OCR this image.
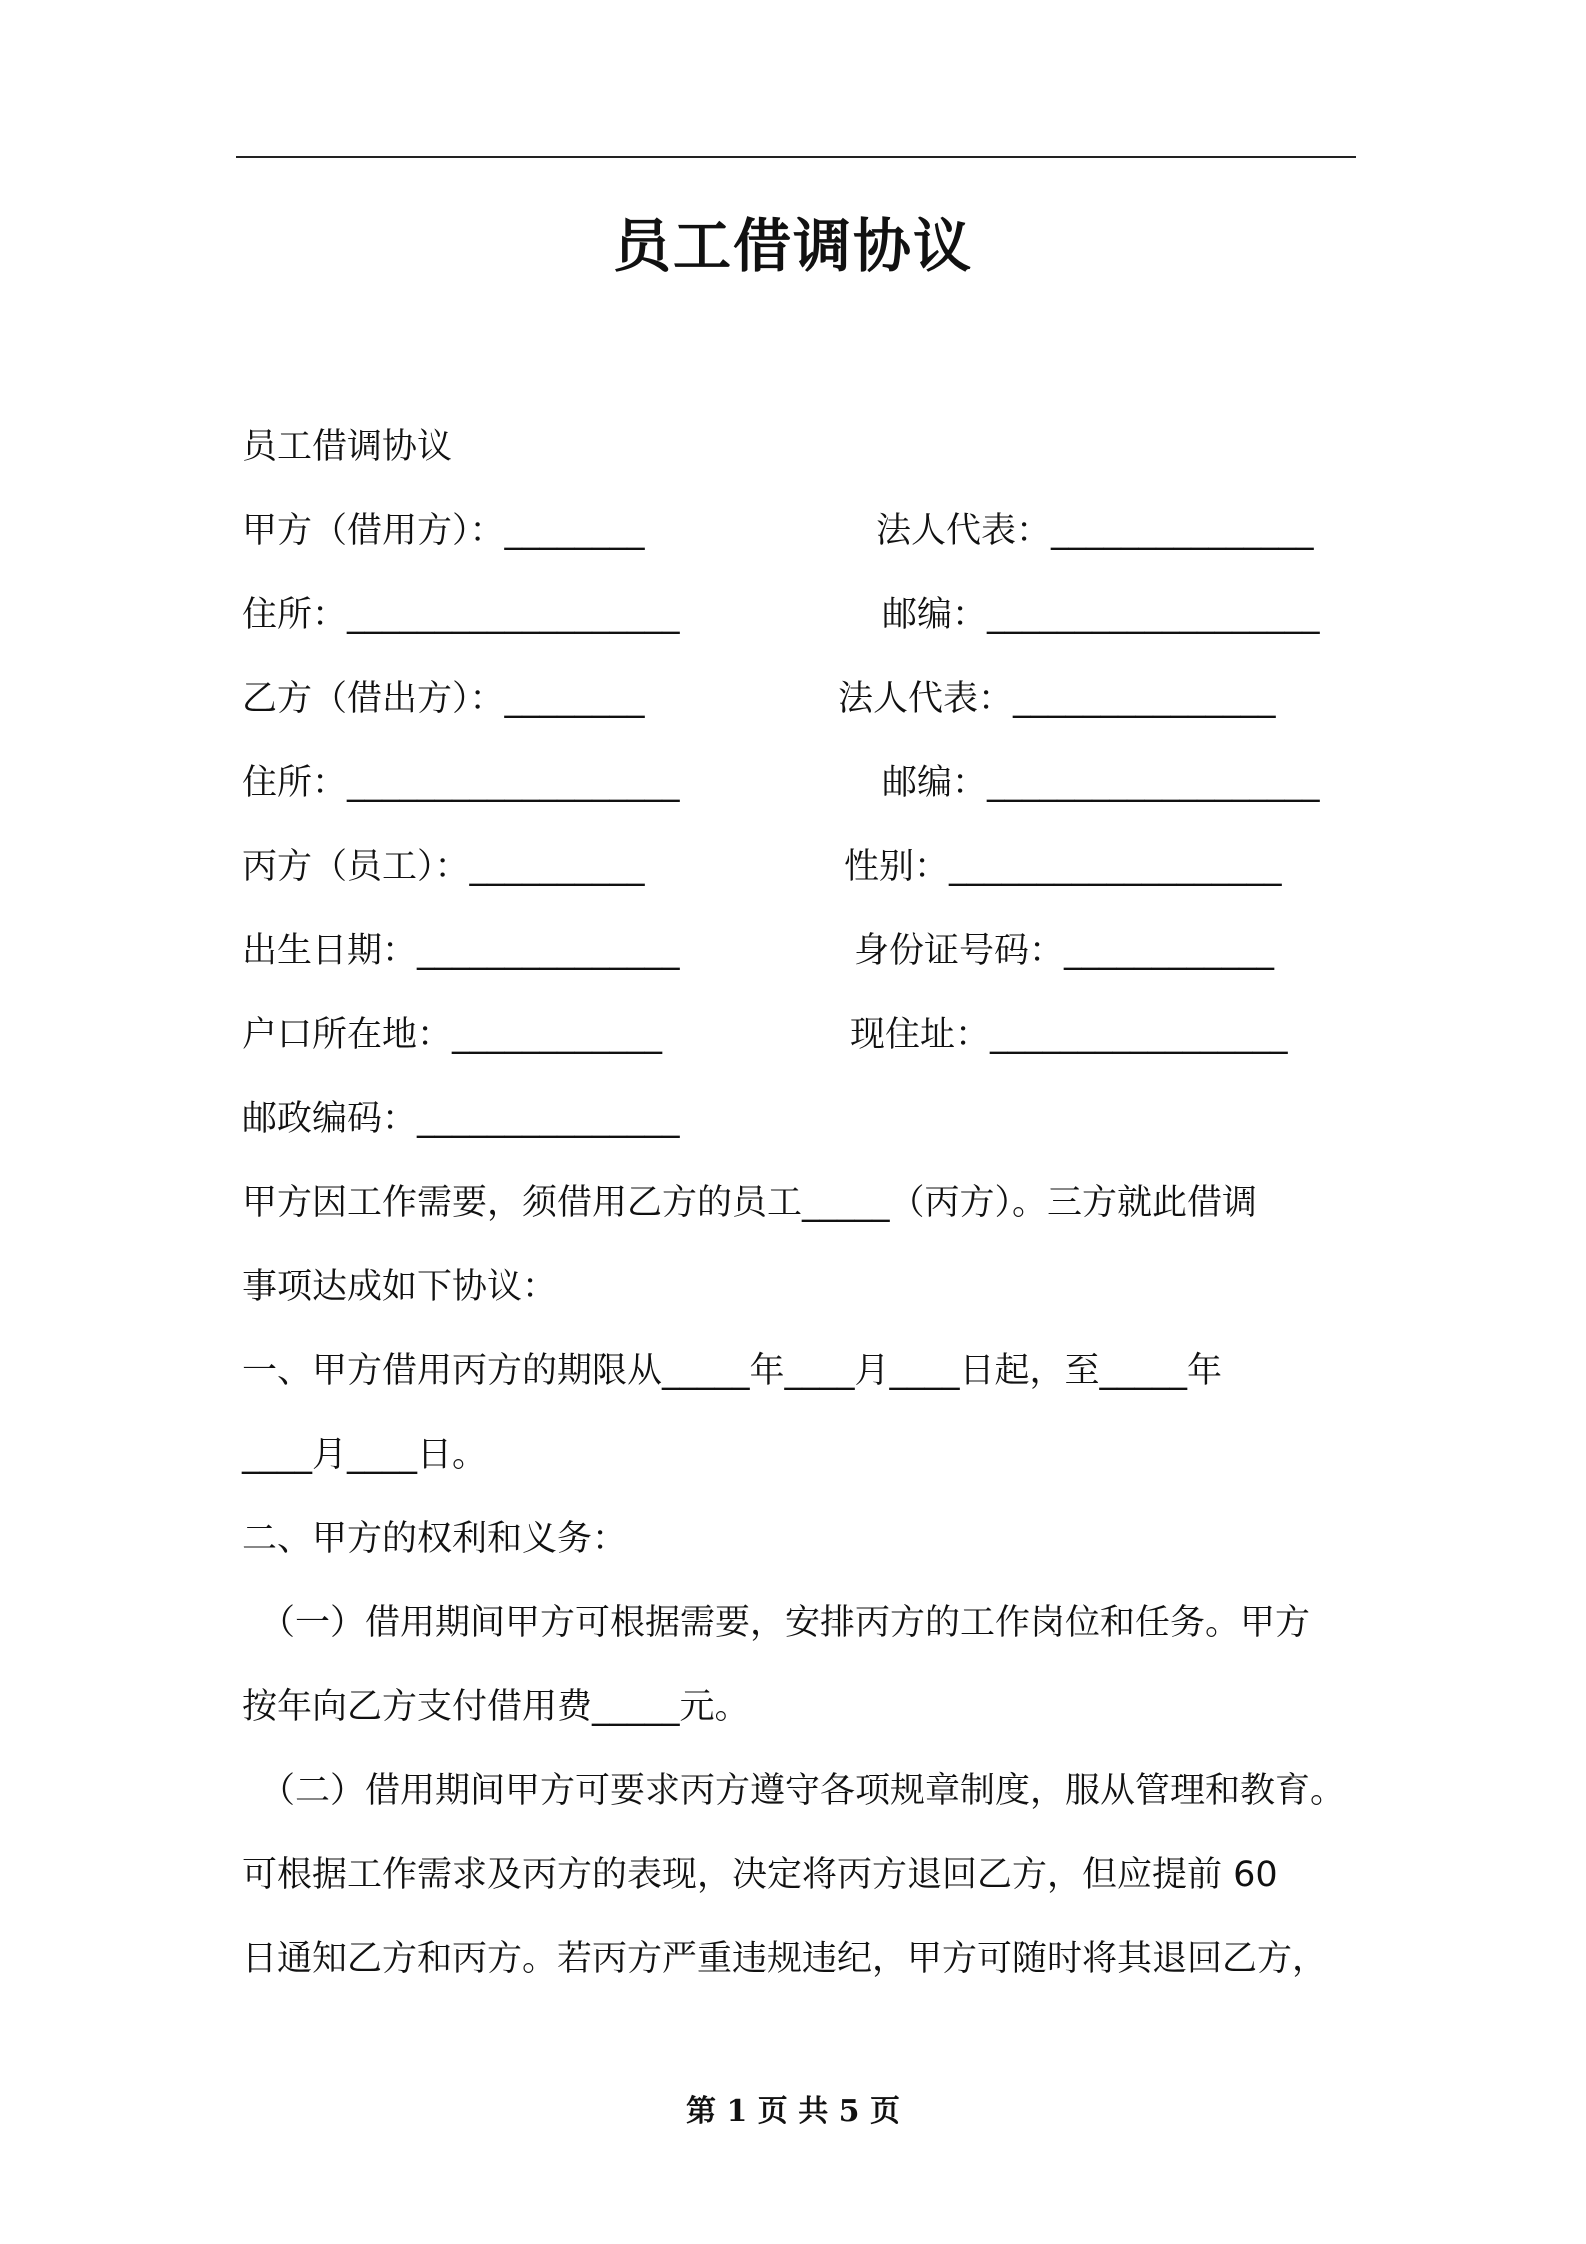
员工借调协议
员工借调协议
甲方（借用方）：________	法人代表：_______________
住所：___________________	邮编：___________________
乙方（借出方）：________	法人代表：_______________
住所：___________________	邮编：___________________
丙方（员工）：__________	性别：___________________
出生日期：_______________	身份证号码：____________
户口所在地：____________	现住址：_________________
邮政编码：_______________
甲方因工作需要，须借用乙方的员工_____（丙方）。三方就此借调
事项达成如下协议：
一、甲方借用丙方的期限从_____年____月____日起，至_____年
____月____日。
二、甲方的权利和义务：
（一）借用期间甲方可根据需要，安排丙方的工作岗位和任务。甲方
按年向乙方支付借用费_____元。
（二）借用期间甲方可要求丙方遵守各项规章制度，服从管理和教育。
可根据工作需求及丙方的表现，决定将丙方退回乙方，但应提前 60
日通知乙方和丙方。若丙方严重违规违纪，甲方可随时将其退回乙方，
第 1 页 共 5 页
